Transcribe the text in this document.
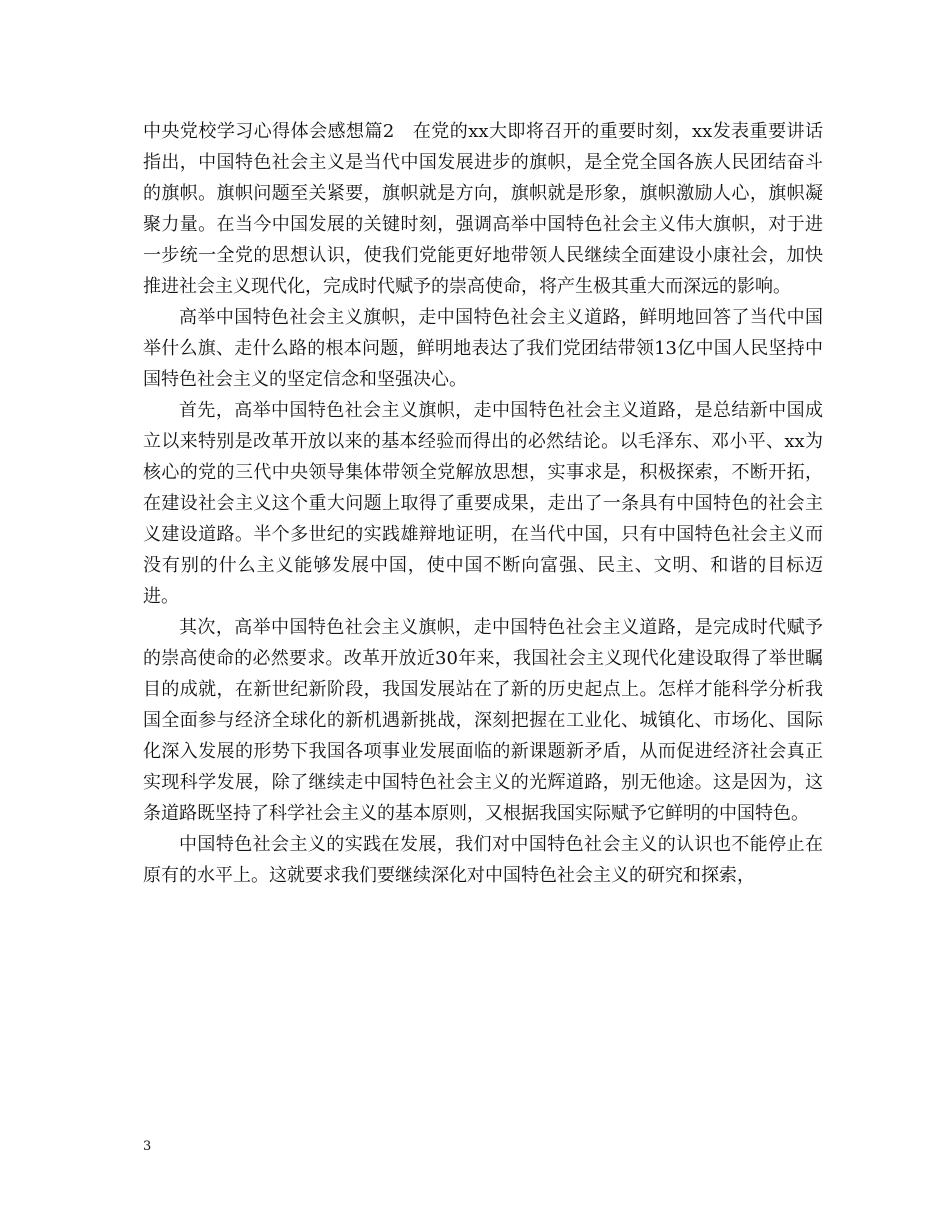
中央党校学习心得体会感想篇2 在党的xx大即将召开的重要时刻，xx发表重要讲话指出，中国特色社会主义是当代中国发展进步的旗帜，是全党全国各族人民团结奋斗的旗帜。旗帜问题至关紧要，旗帜就是方向，旗帜就是形象，旗帜激励人心，旗帜凝聚力量。在当今中国发展的关键时刻，强调高举中国特色社会主义伟大旗帜，对于进一步统一全党的思想认识，使我们党能更好地带领人民继续全面建设小康社会，加快推进社会主义现代化，完成时代赋予的崇高使命，将产生极其重大而深远的影响。

高举中国特色社会主义旗帜，走中国特色社会主义道路，鲜明地回答了当代中国举什么旗、走什么路的根本问题，鲜明地表达了我们党团结带领13亿中国人民坚持中国特色社会主义的坚定信念和坚强决心。

首先，高举中国特色社会主义旗帜，走中国特色社会主义道路，是总结新中国成立以来特别是改革开放以来的基本经验而得出的必然结论。以毛泽东、邓小平、xx为核心的党的三代中央领导集体带领全党解放思想，实事求是，积极探索，不断开拓，在建设社会主义这个重大问题上取得了重要成果，走出了一条具有中国特色的社会主义建设道路。半个多世纪的实践雄辩地证明，在当代中国，只有中国特色社会主义而没有别的什么主义能够发展中国，使中国不断向富强、民主、文明、和谐的目标迈进。

其次，高举中国特色社会主义旗帜，走中国特色社会主义道路，是完成时代赋予的崇高使命的必然要求。改革开放近30年来，我国社会主义现代化建设取得了举世瞩目的成就，在新世纪新阶段，我国发展站在了新的历史起点上。怎样才能科学分析我国全面参与经济全球化的新机遇新挑战，深刻把握在工业化、城镇化、市场化、国际化深入发展的形势下我国各项事业发展面临的新课题新矛盾，从而促进经济社会真正实现科学发展，除了继续走中国特色社会主义的光辉道路，别无他途。这是因为，这条道路既坚持了科学社会主义的基本原则，又根据我国实际赋予它鲜明的中国特色。

中国特色社会主义的实践在发展，我们对中国特色社会主义的认识也不能停止在原有的水平上。这就要求我们要继续深化对中国特色社会主义的研究和探索，

3
